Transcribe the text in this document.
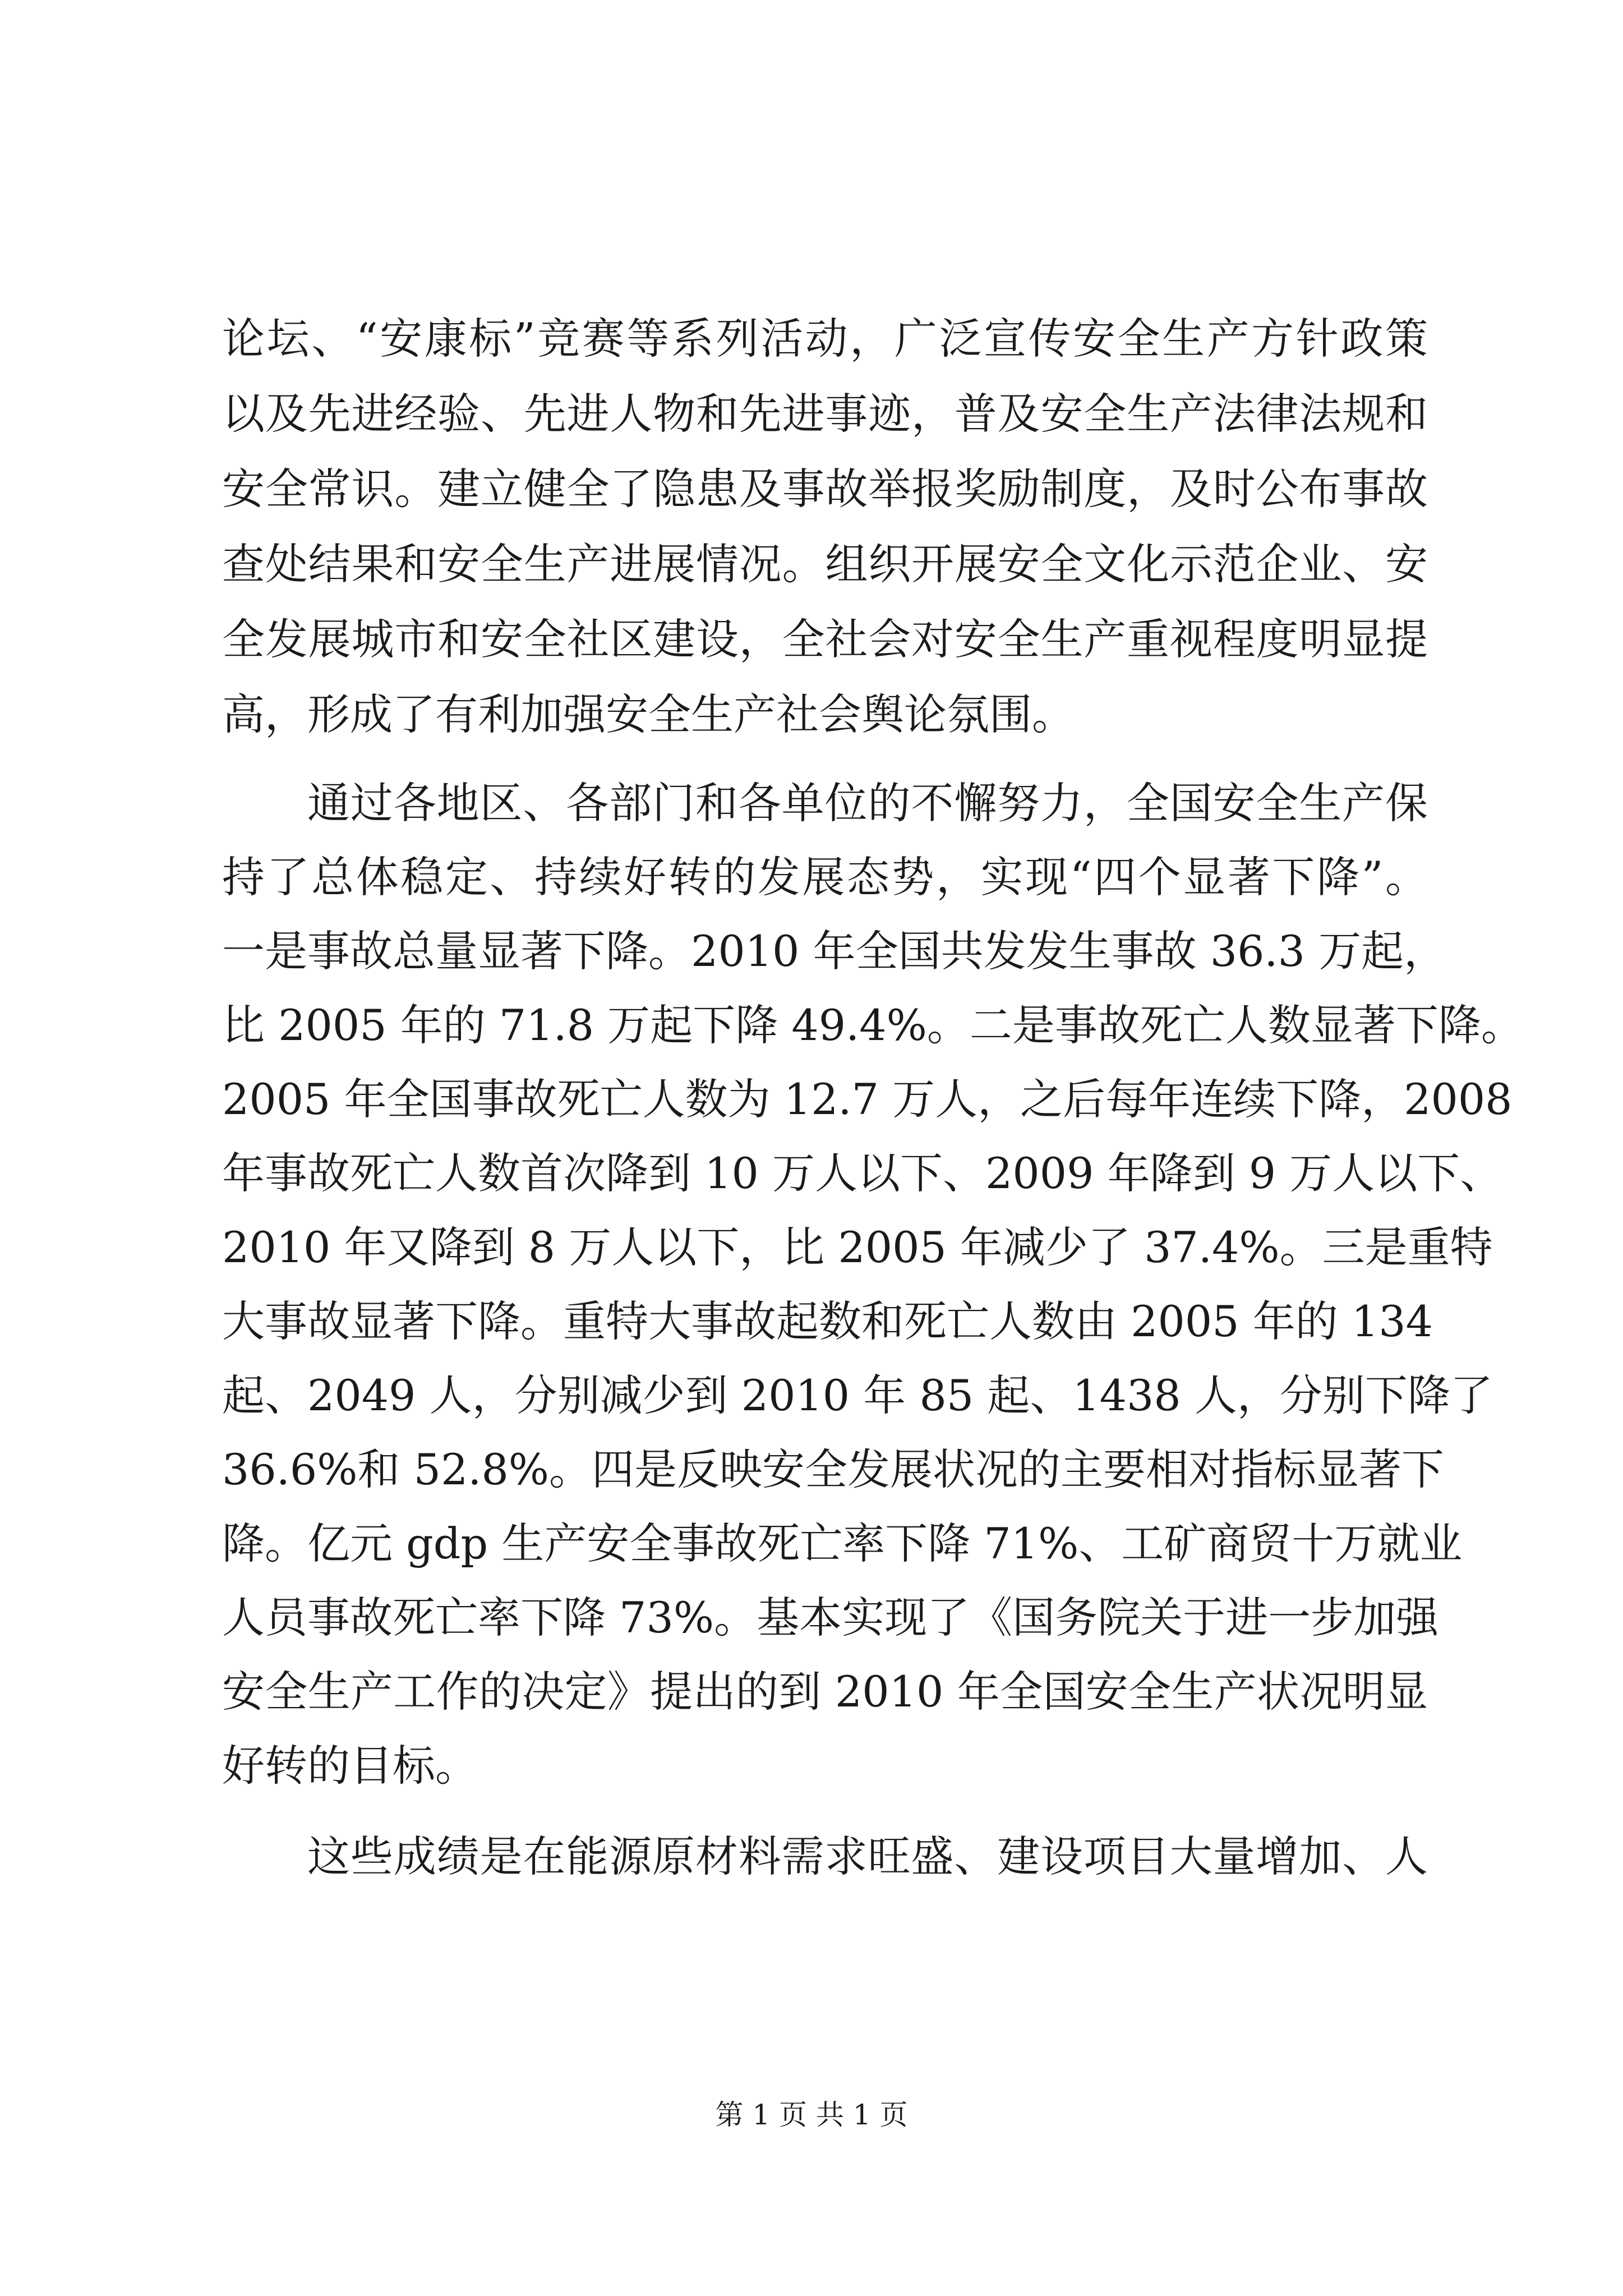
论坛、“安康标”竞赛等系列活动，广泛宣传安全生产方针政策
以及先进经验、先进人物和先进事迹，普及安全生产法律法规和
安全常识。建立健全了隐患及事故举报奖励制度，及时公布事故
查处结果和安全生产进展情况。组织开展安全文化示范企业、安
全发展城市和安全社区建设，全社会对安全生产重视程度明显提
高，形成了有利加强安全生产社会舆论氛围。
通过各地区、各部门和各单位的不懈努力，全国安全生产保
持了总体稳定、持续好转的发展态势，实现“四个显著下降”。
一是事故总量显著下降。2010 年全国共发发生事故 36.3 万起，
比 2005 年的 71.8 万起下降 49.4%。二是事故死亡人数显著下降。
2005 年全国事故死亡人数为 12.7 万人，之后每年连续下降，2008
年事故死亡人数首次降到 10 万人以下、2009 年降到 9 万人以下、
2010 年又降到 8 万人以下，比 2005 年减少了 37.4%。三是重特
大事故显著下降。重特大事故起数和死亡人数由 2005 年的 134
起、2049 人，分别减少到 2010 年 85 起、1438 人，分别下降了
36.6%和 52.8%。四是反映安全发展状况的主要相对指标显著下
降。亿元 gdp 生产安全事故死亡率下降 71%、工矿商贸十万就业
人员事故死亡率下降 73%。基本实现了《国务院关于进一步加强
安全生产工作的决定》提出的到 2010 年全国安全生产状况明显
好转的目标。
这些成绩是在能源原材料需求旺盛、建设项目大量增加、人
第 1 页 共 1 页
